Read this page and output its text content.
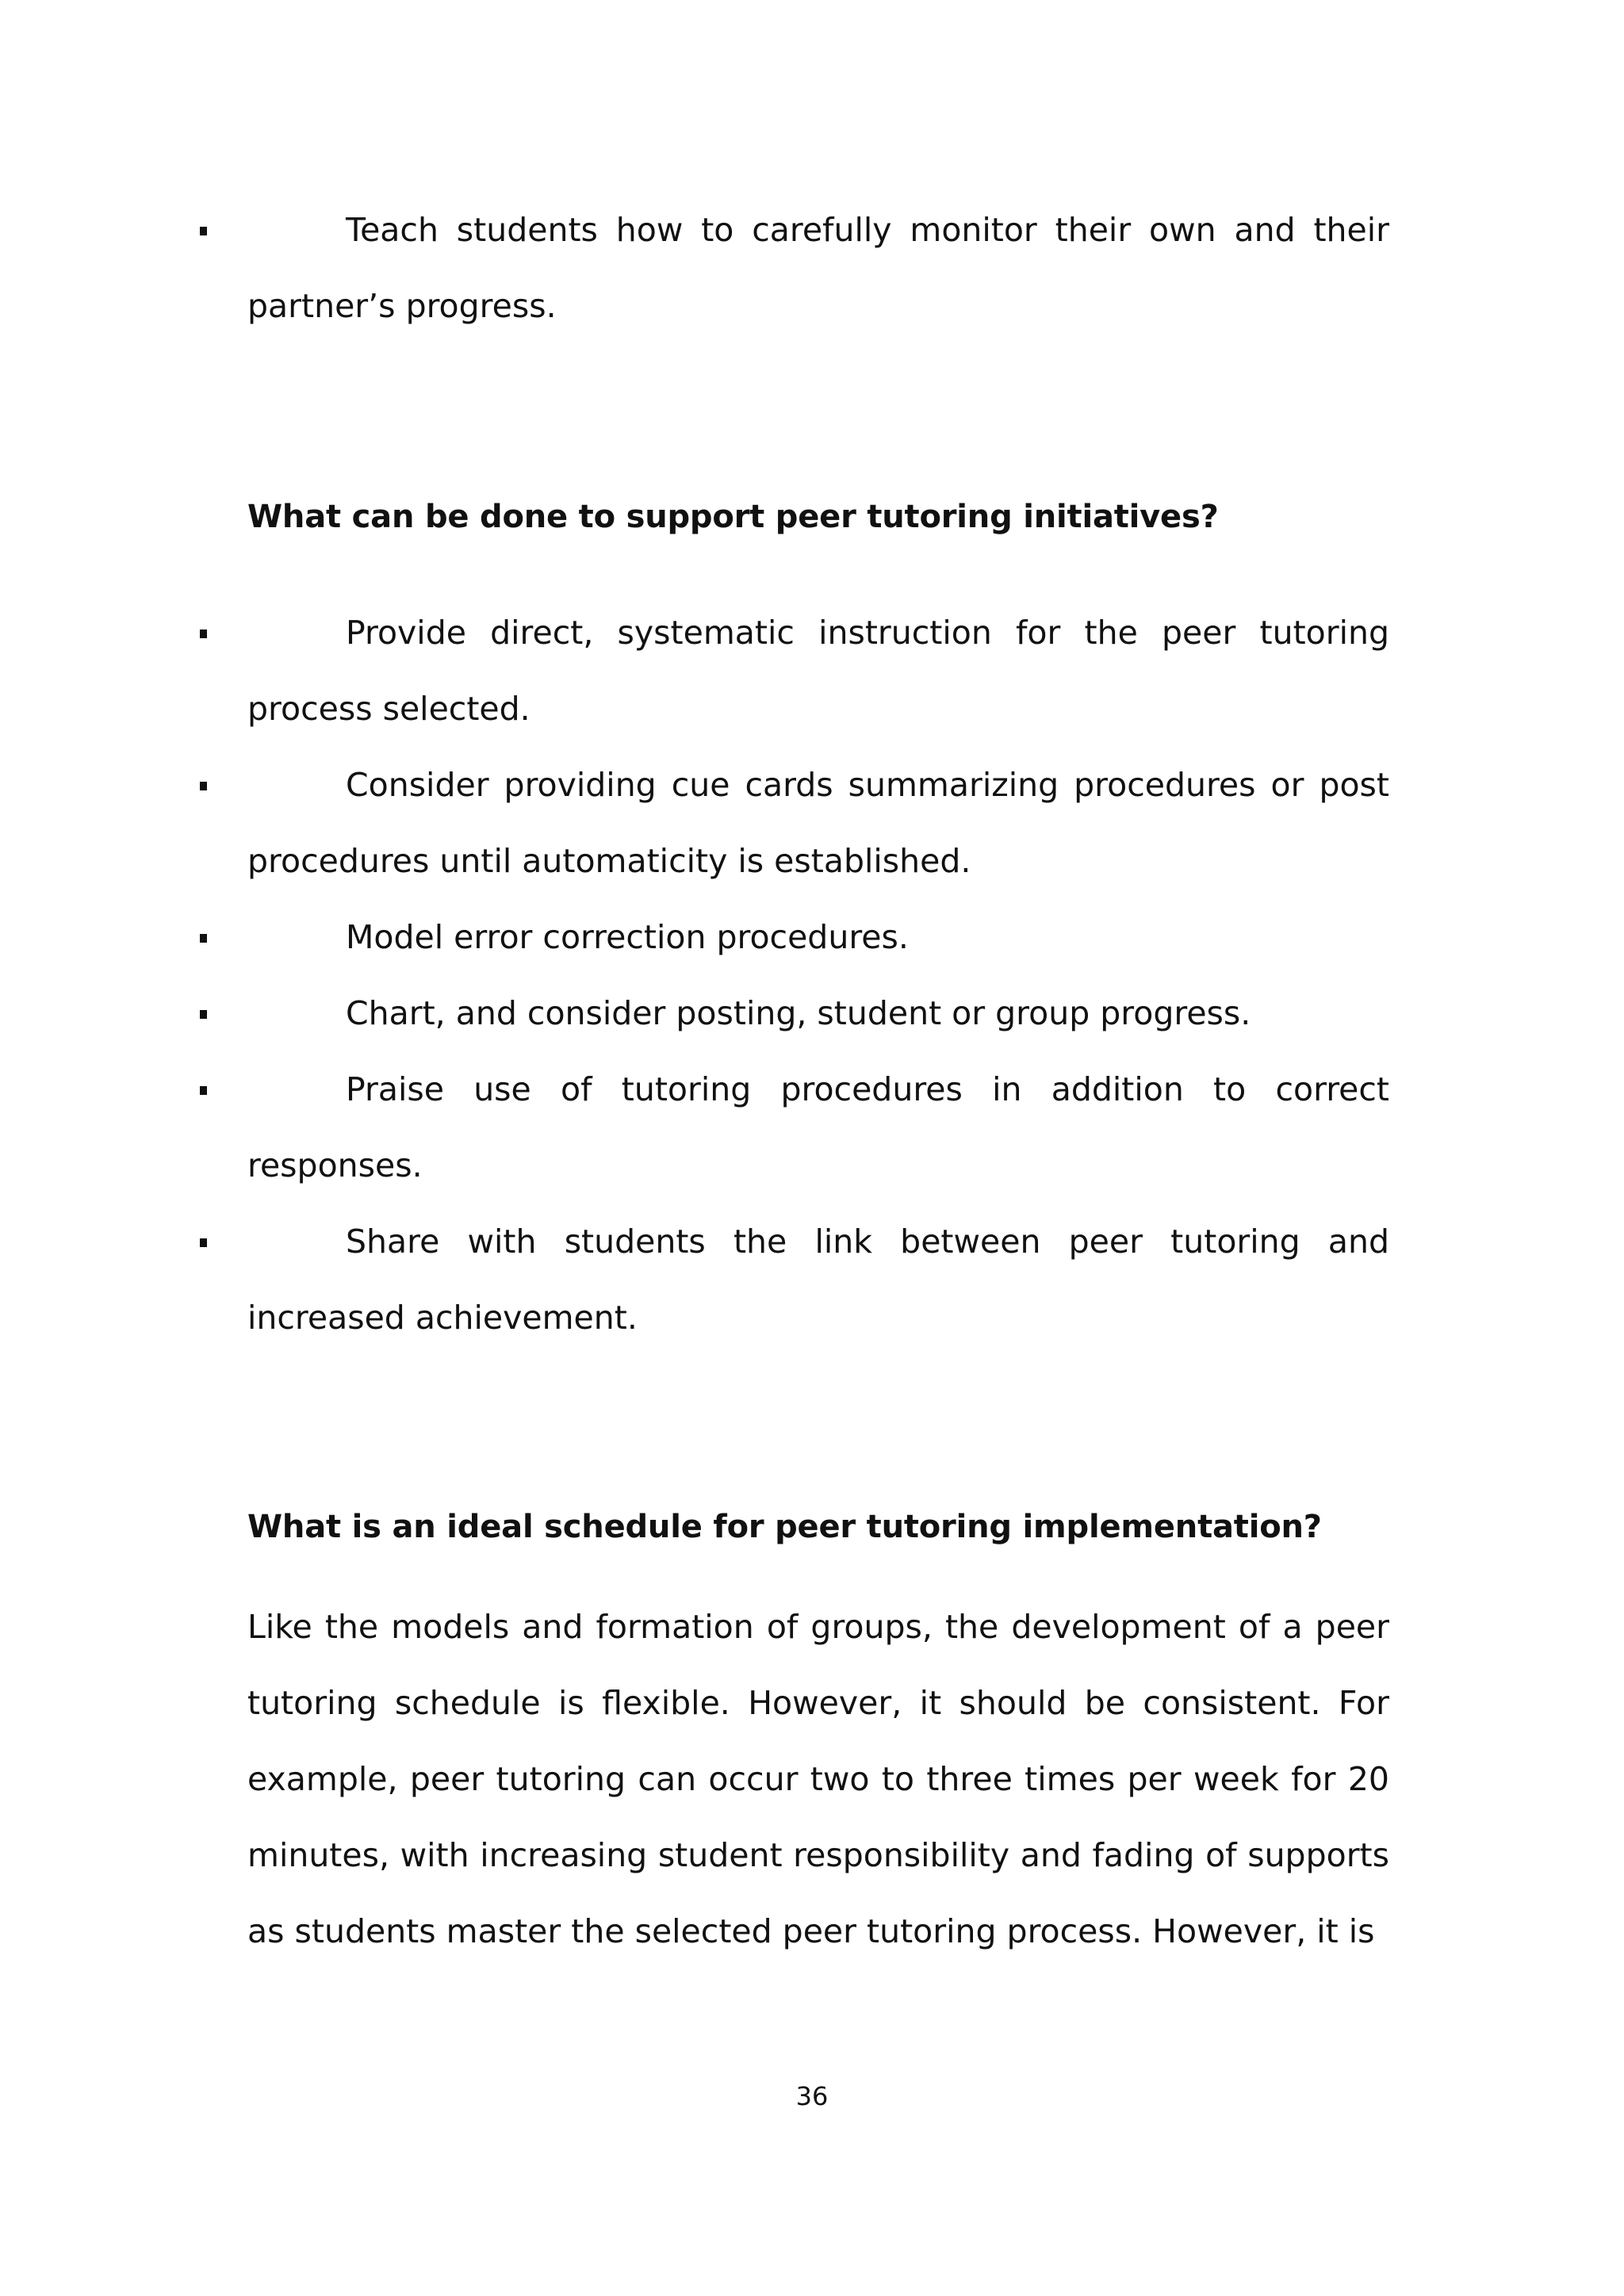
Teach students how to carefully monitor their own and their partner’s progress.

What can be done to support peer tutoring initiatives?

Provide direct, systematic instruction for the peer tutoring process selected.

Consider providing cue cards summarizing procedures or post procedures until automaticity is established.

Model error correction procedures.

Chart, and consider posting, student or group progress.

Praise use of tutoring procedures in addition to correct responses.

Share with students the link between peer tutoring and increased achievement.

What is an ideal schedule for peer tutoring implementation?

Like the models and formation of groups, the development of a peer tutoring schedule is flexible. However, it should be consistent. For example, peer tutoring can occur two to three times per week for 20 minutes, with increasing student responsibility and fading of supports as students master the selected peer tutoring process. However, it is

36
